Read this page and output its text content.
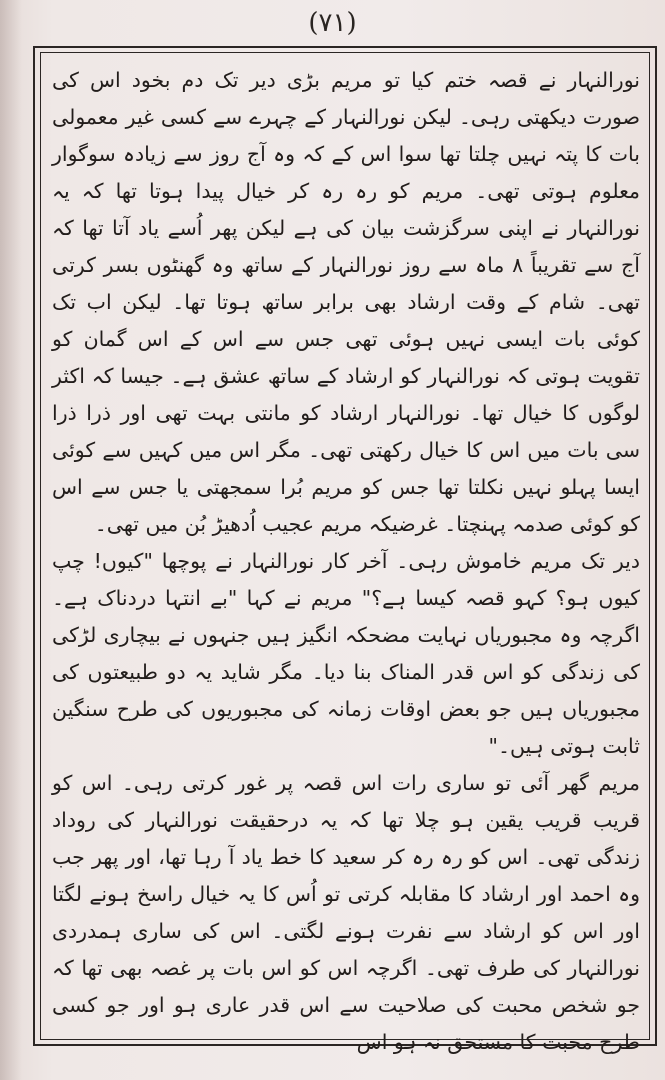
(۷۱)

نورالنہار نے قصہ ختم کیا تو مریم بڑی دیر تک دم بخود اس کی صورت دیکھتی رہی۔ لیکن نورالنہار کے چہرے سے کسی غیر معمولی بات کا پتہ نہیں چلتا تھا سوا اس کے کہ وہ آج روز سے زیادہ سوگوار معلوم ہوتی تھی۔ مریم کو رہ رہ کر خیال پیدا ہوتا تھا کہ یہ نورالنہار نے اپنی سرگزشت بیان کی ہے لیکن پھر اُسے یاد آتا تھا کہ آج سے تقریباً ۸ ماہ سے روز نورالنہار کے ساتھ وہ گھنٹوں بسر کرتی تھی۔ شام کے وقت ارشاد بھی برابر ساتھ ہوتا تھا۔ لیکن اب تک کوئی بات ایسی نہیں ہوئی تھی جس سے اس کے اس گمان کو تقویت ہوتی کہ نورالنہار کو ارشاد کے ساتھ عشق ہے۔ جیسا کہ اکثر لوگوں کا خیال تھا۔ نورالنہار ارشاد کو مانتی بہت تھی اور ذرا ذرا سی بات میں اس کا خیال رکھتی تھی۔ مگر اس میں کہیں سے کوئی ایسا پہلو نہیں نکلتا تھا جس کو مریم بُرا سمجھتی یا جس سے اس کو کوئی صدمہ پہنچتا۔ غرضیکہ مریم عجیب اُدھیڑ بُن میں تھی۔

دیر تک مریم خاموش رہی۔ آخر کار نورالنہار نے پوچھا "کیوں! چپ کیوں ہو؟ کہو قصہ کیسا ہے؟" مریم نے کہا "بے انتہا دردناک ہے۔ اگرچہ وہ مجبوریاں نہایت مضحکہ انگیز ہیں جنہوں نے بیچاری لڑکی کی زندگی کو اس قدر المناک بنا دیا۔ مگر شاید یہ دو طبیعتوں کی مجبوریاں ہیں جو بعض اوقات زمانہ کی مجبوریوں کی طرح سنگین ثابت ہوتی ہیں۔"

مریم گھر آئی تو ساری رات اس قصہ پر غور کرتی رہی۔ اس کو قریب قریب یقین ہو چلا تھا کہ یہ درحقیقت نورالنہار کی روداد زندگی تھی۔ اس کو رہ رہ کر سعید کا خط یاد آ رہا تھا، اور پھر جب وہ احمد اور ارشاد کا مقابلہ کرتی تو اُس کا یہ خیال راسخ ہونے لگتا اور اس کو ارشاد سے نفرت ہونے لگتی۔ اس کی ساری ہمدردی نورالنہار کی طرف تھی۔ اگرچہ اس کو اس بات پر غصہ بھی تھا کہ جو شخص محبت کی صلاحیت سے اس قدر عاری ہو اور جو کسی طرح محبت کا مستحق نہ ہو اس
